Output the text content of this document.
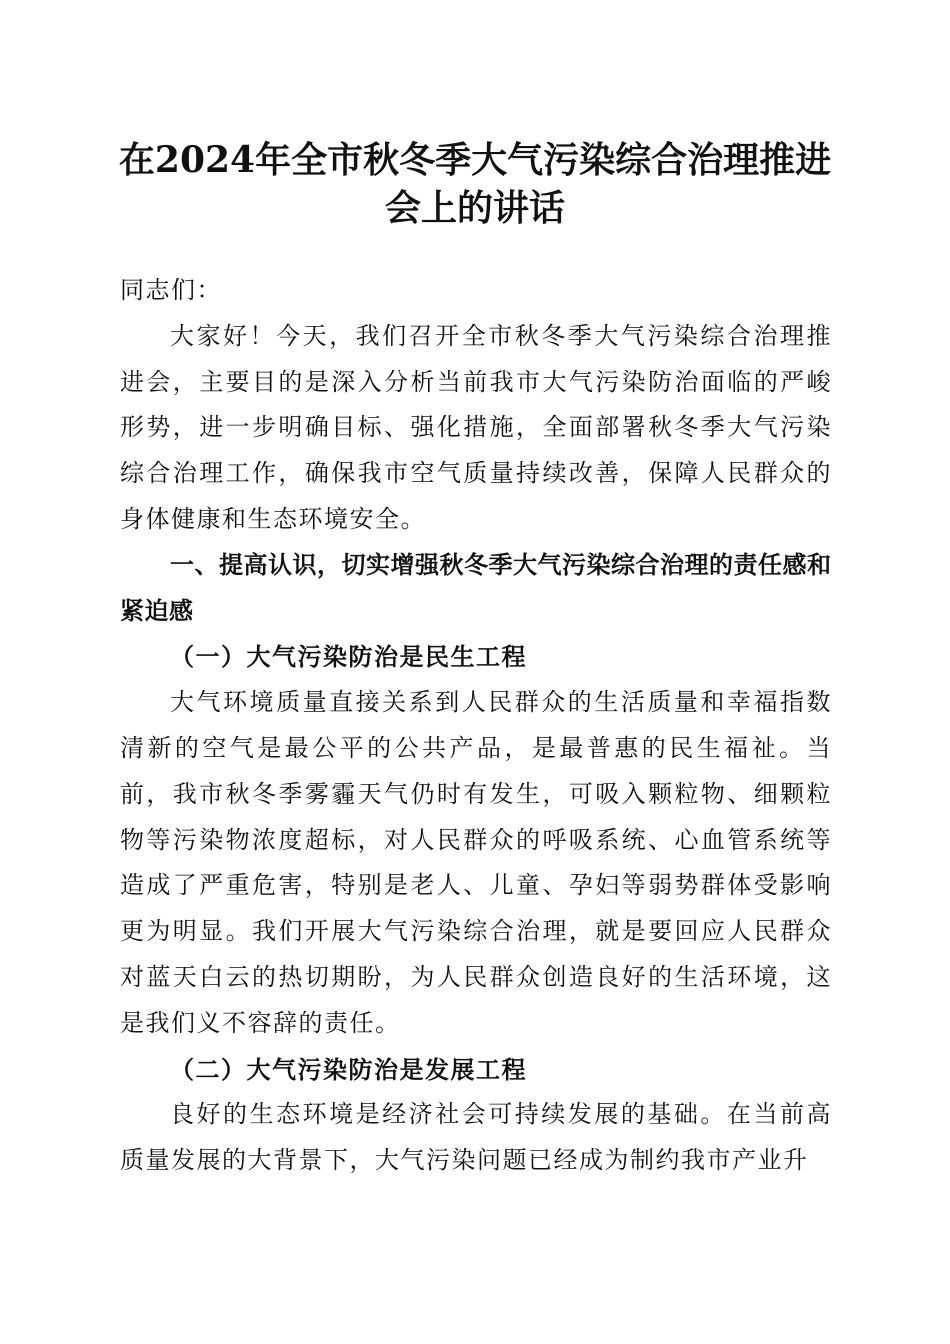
在2024年全市秋冬季大气污染综合治理推进
会上的讲话

同志们：

大家好！今天，我们召开全市秋冬季大气污染综合治理推进会，主要目的是深入分析当前我市大气污染防治面临的严峻形势，进一步明确目标、强化措施，全面部署秋冬季大气污染综合治理工作，确保我市空气质量持续改善，保障人民群众的身体健康和生态环境安全。

一、提高认识，切实增强秋冬季大气污染综合治理的责任感和紧迫感

（一）大气污染防治是民生工程

大气环境质量直接关系到人民群众的生活质量和幸福指数清新的空气是最公平的公共产品，是最普惠的民生福祉。当前，我市秋冬季雾霾天气仍时有发生，可吸入颗粒物、细颗粒物等污染物浓度超标，对人民群众的呼吸系统、心血管系统等造成了严重危害，特别是老人、儿童、孕妇等弱势群体受影响更为明显。我们开展大气污染综合治理，就是要回应人民群众对蓝天白云的热切期盼，为人民群众创造良好的生活环境，这是我们义不容辞的责任。

（二）大气污染防治是发展工程

良好的生态环境是经济社会可持续发展的基础。在当前高质量发展的大背景下，大气污染问题已经成为制约我市产业升
